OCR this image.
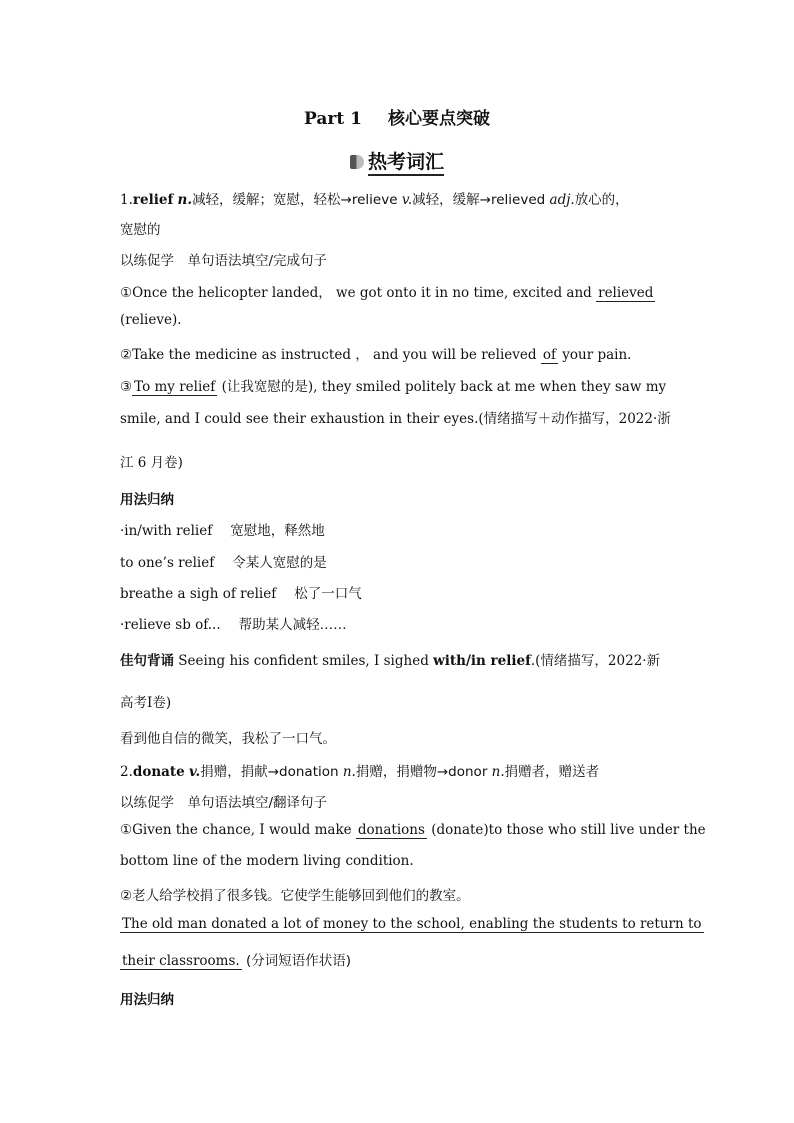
Part 1 核心要点突破
热考词汇
1.relief n.减轻，缓解；宽慰，轻松→relieve v.减轻，缓解→relieved adj.放心的，
宽慰的
以练促学　单句语法填空/完成句子
①Once the helicopter landed， we got onto it in no time, excited and relieved
(relieve).
②Take the medicine as instructed ， and you will be relieved of your pain.
③ To my relief (让我宽慰的是), they smiled politely back at me when they saw my
smile, and I could see their exhaustion in their eyes.(情绪描写＋动作描写，2022·浙
江 6 月卷)
用法归纳
·in/with relief 宽慰地，释然地
to one’s relief 令某人宽慰的是
breathe a sigh of relief 松了一口气
·relieve sb of... 帮助某人减轻……
佳句背诵 Seeing his confident smiles, I sighed with/in relief.(情绪描写，2022·新
高考Ⅰ卷)
看到他自信的微笑，我松了一口气。
2.donate v.捐赠，捐献→donation n.捐赠，捐赠物→donor n.捐赠者，赠送者
以练促学　单句语法填空/翻译句子
①Given the chance, I would make donations (donate)to those who still live under the
bottom line of the modern living condition.
②老人给学校捐了很多钱。它使学生能够回到他们的教室。
The old man donated a lot of money to the school, enabling the students to return to
their classrooms. (分词短语作状语)
用法归纳
